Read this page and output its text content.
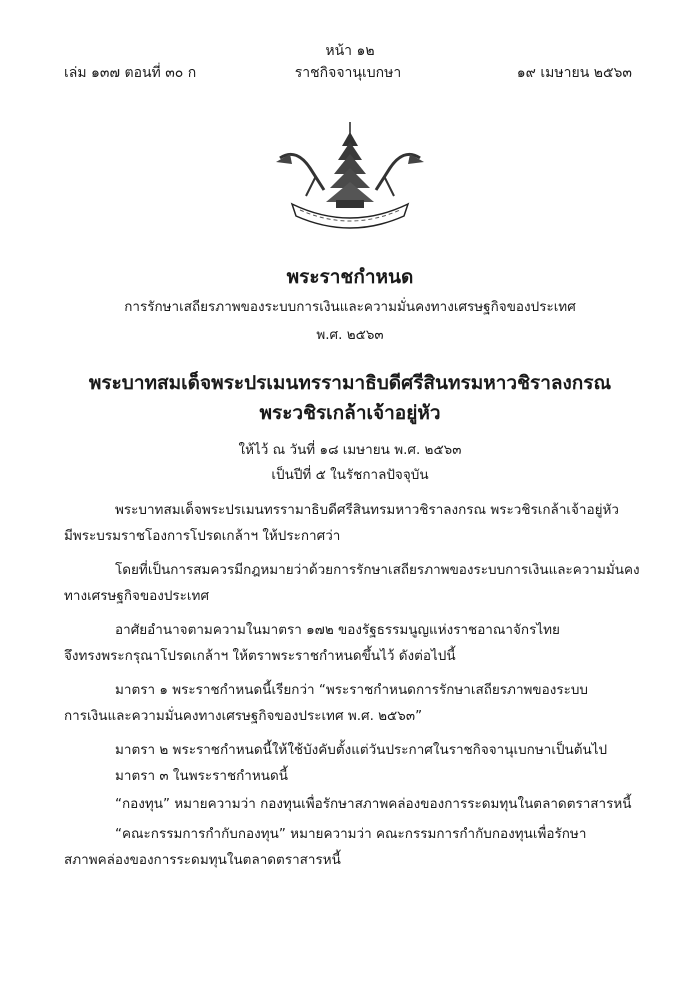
หน้า ๑๒
เล่ม ๑๓๗ ตอนที่ ๓๐ ก	ราชกิจจานุเบกษา	๑๙ เมษายน ๒๕๖๓
พระราชกำหนด
การรักษาเสถียรภาพของระบบการเงินและความมั่นคงทางเศรษฐกิจของประเทศ
พ.ศ. ๒๕๖๓
พระบาทสมเด็จพระปรเมนทรรามาธิบดีศรีสินทรมหาวชิราลงกรณ
พระวชิรเกล้าเจ้าอยู่หัว
ให้ไว้ ณ วันที่ ๑๘ เมษายน พ.ศ. ๒๕๖๓
เป็นปีที่ ๕ ในรัชกาลปัจจุบัน
พระบาทสมเด็จพระปรเมนทรรามาธิบดีศรีสินทรมหาวชิราลงกรณ พระวชิรเกล้าเจ้าอยู่หัว
มีพระบรมราชโองการโปรดเกล้าฯ ให้ประกาศว่า
โดยที่เป็นการสมควรมีกฎหมายว่าด้วยการรักษาเสถียรภาพของระบบการเงินและความมั่นคง
ทางเศรษฐกิจของประเทศ
อาศัยอำนาจตามความในมาตรา ๑๗๒ ของรัฐธรรมนูญแห่งราชอาณาจักรไทย
จึงทรงพระกรุณาโปรดเกล้าฯ ให้ตราพระราชกำหนดขึ้นไว้ ดังต่อไปนี้
มาตรา ๑ พระราชกำหนดนี้เรียกว่า “พระราชกำหนดการรักษาเสถียรภาพของระบบ
การเงินและความมั่นคงทางเศรษฐกิจของประเทศ พ.ศ. ๒๕๖๓”
มาตรา ๒ พระราชกำหนดนี้ให้ใช้บังคับตั้งแต่วันประกาศในราชกิจจานุเบกษาเป็นต้นไป
มาตรา ๓ ในพระราชกำหนดนี้
“กองทุน” หมายความว่า กองทุนเพื่อรักษาสภาพคล่องของการระดมทุนในตลาดตราสารหนี้
“คณะกรรมการกำกับกองทุน” หมายความว่า คณะกรรมการกำกับกองทุนเพื่อรักษา
สภาพคล่องของการระดมทุนในตลาดตราสารหนี้
